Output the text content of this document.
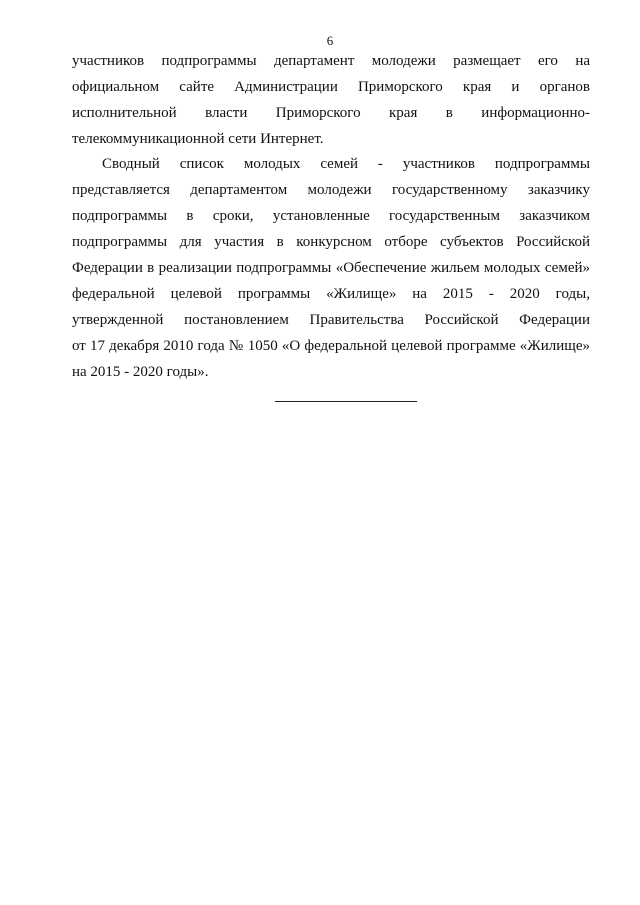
6
участников подпрограммы департамент молодежи размещает его на
официальном сайте Администрации Приморского края и органов
исполнительной власти Приморского края в информационно-
телекоммуникационной сети Интернет.
Сводный список молодых семей - участников подпрограммы
представляется департаментом молодежи государственному заказчику
подпрограммы в сроки, установленные государственным заказчиком
подпрограммы для участия в конкурсном отборе субъектов Российской
Федерации в реализации подпрограммы «Обеспечение жильем молодых семей»
федеральной целевой программы «Жилище» на 2015 - 2020 годы,
утвержденной постановлением Правительства Российской Федерации
от 17 декабря 2010 года № 1050 «О федеральной целевой программе «Жилище»
на 2015 - 2020 годы».
